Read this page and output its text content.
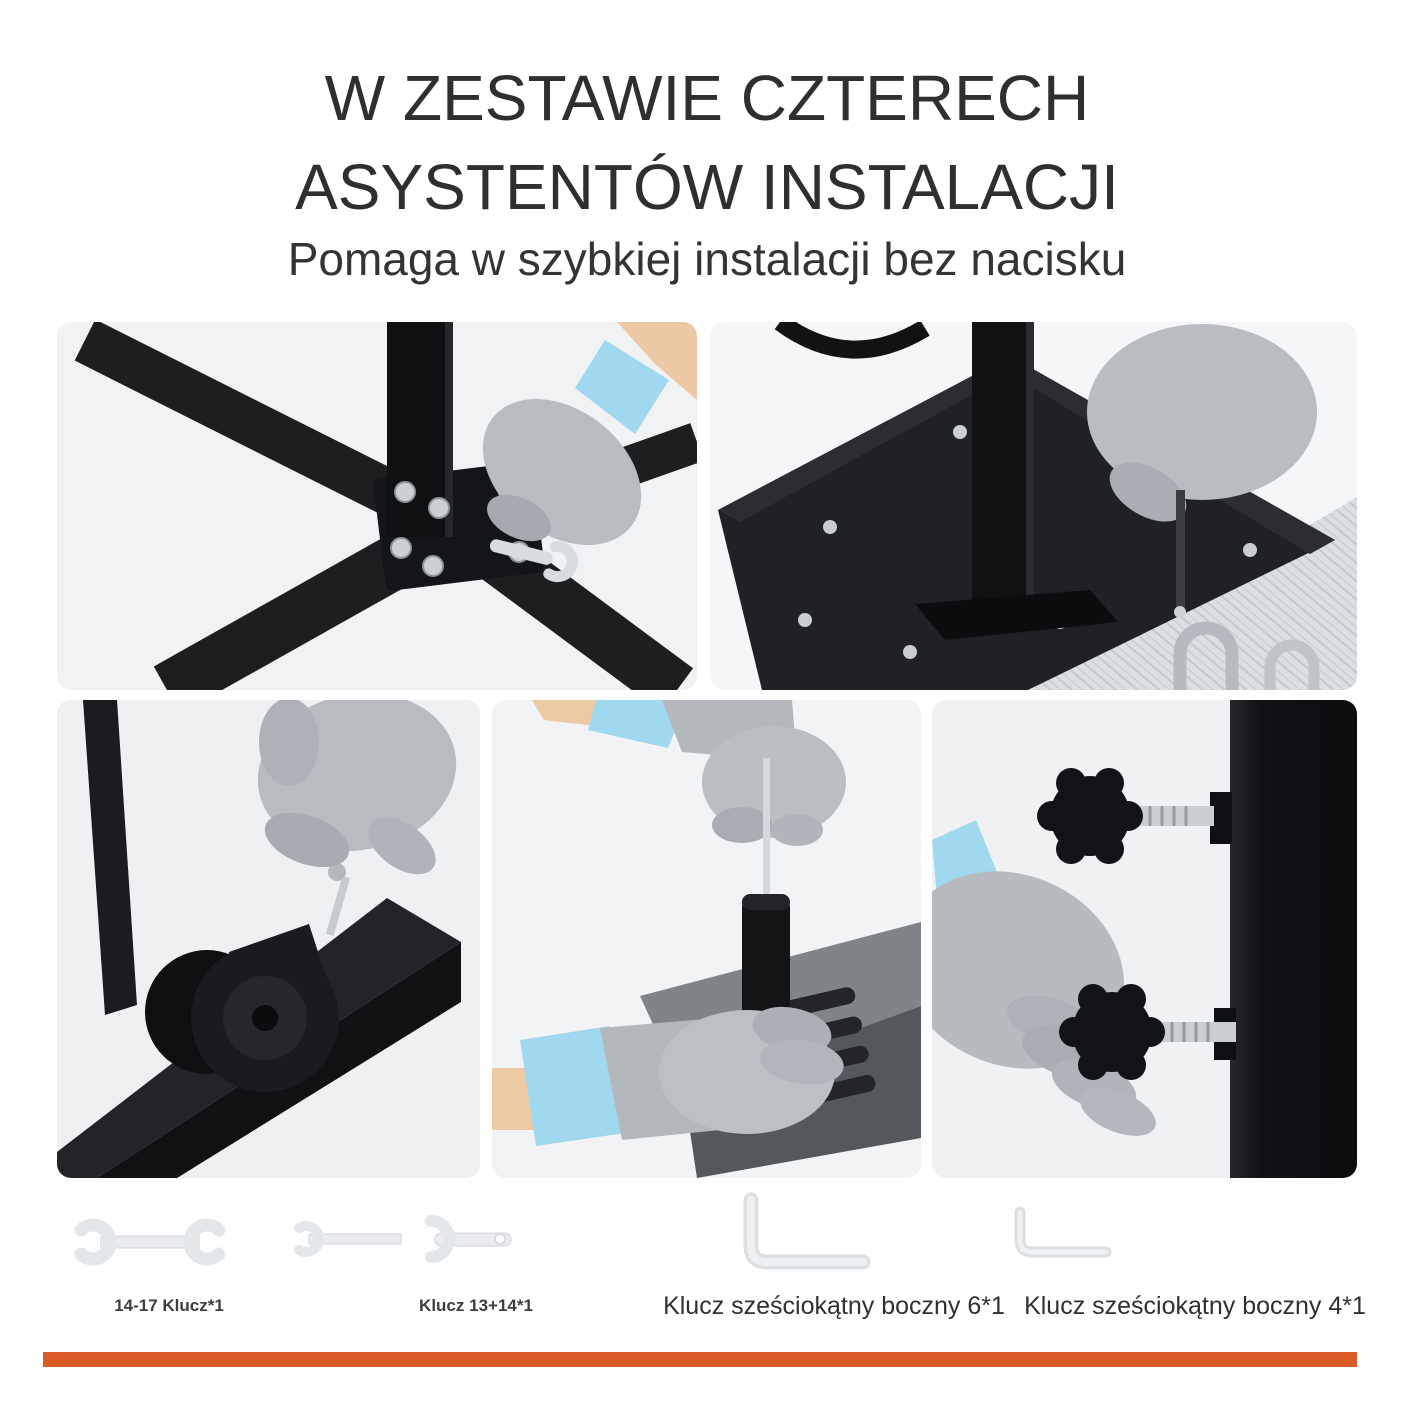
W ZESTAWIE CZTERECH
ASYSTENTÓW INSTALACJI
Pomaga w szybkiej instalacji bez nacisku
14-17 Klucz*1	Klucz 13+14*1	Klucz sześciokątny boczny 6*1 Klucz sześciokątny boczny 4*1
